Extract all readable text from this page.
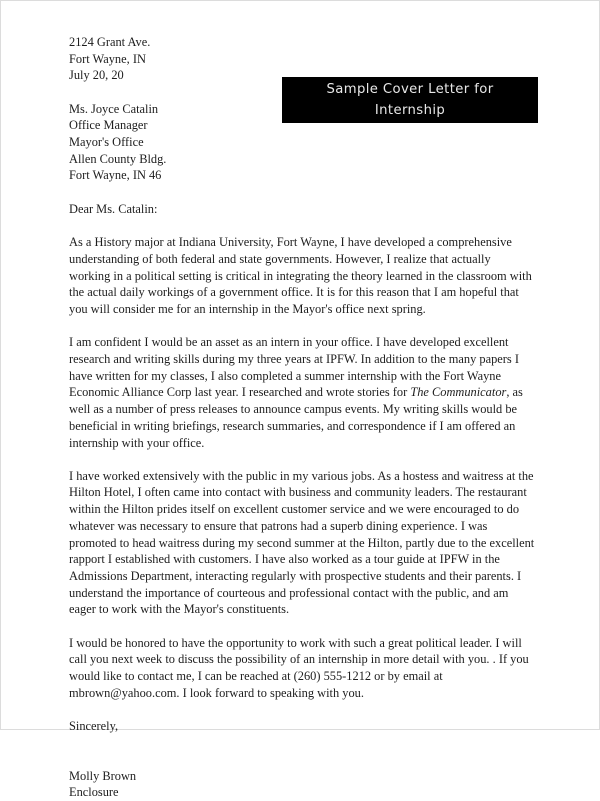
2124 Grant Ave.
Fort Wayne, IN
July 20, 20
Ms. Joyce Catalin
Office Manager
Mayor's Office
Allen County Bldg.
Fort Wayne, IN 46

Dear Ms. Catalin:

As a History major at Indiana University, Fort Wayne, I have developed a comprehensive understanding of both federal and state governments. However, I realize that actually working in a political setting is critical in integrating the theory learned in the classroom with the actual daily workings of a government office. It is for this reason that I am hopeful that you will consider me for an internship in the Mayor's office next spring.

I am confident I would be an asset as an intern in your office. I have developed excellent research and writing skills during my three years at IPFW. In addition to the many papers I have written for my classes, I also completed a summer internship with the Fort Wayne Economic Alliance Corp last year. I researched and wrote stories for The Communicator, as well as a number of press releases to announce campus events. My writing skills would be beneficial in writing briefings, research summaries, and correspondence if I am offered an internship with your office.

I have worked extensively with the public in my various jobs. As a hostess and waitress at the Hilton Hotel, I often came into contact with business and community leaders. The restaurant within the Hilton prides itself on excellent customer service and we were encouraged to do whatever was necessary to ensure that patrons had a superb dining experience. I was promoted to head waitress during my second summer at the Hilton, partly due to the excellent rapport I established with customers. I have also worked as a tour guide at IPFW in the Admissions Department, interacting regularly with prospective students and their parents. I understand the importance of courteous and professional contact with the public, and am eager to work with the Mayor's constituents.

I would be honored to have the opportunity to work with such a great political leader. I will call you next week to discuss the possibility of an internship in more detail with you. . If you would like to contact me, I can be reached at (260) 555-1212 or by email at mbrown@yahoo.com. I look forward to speaking with you.

Sincerely,

Molly Brown
Enclosure
Sample Cover Letter for
Internship
